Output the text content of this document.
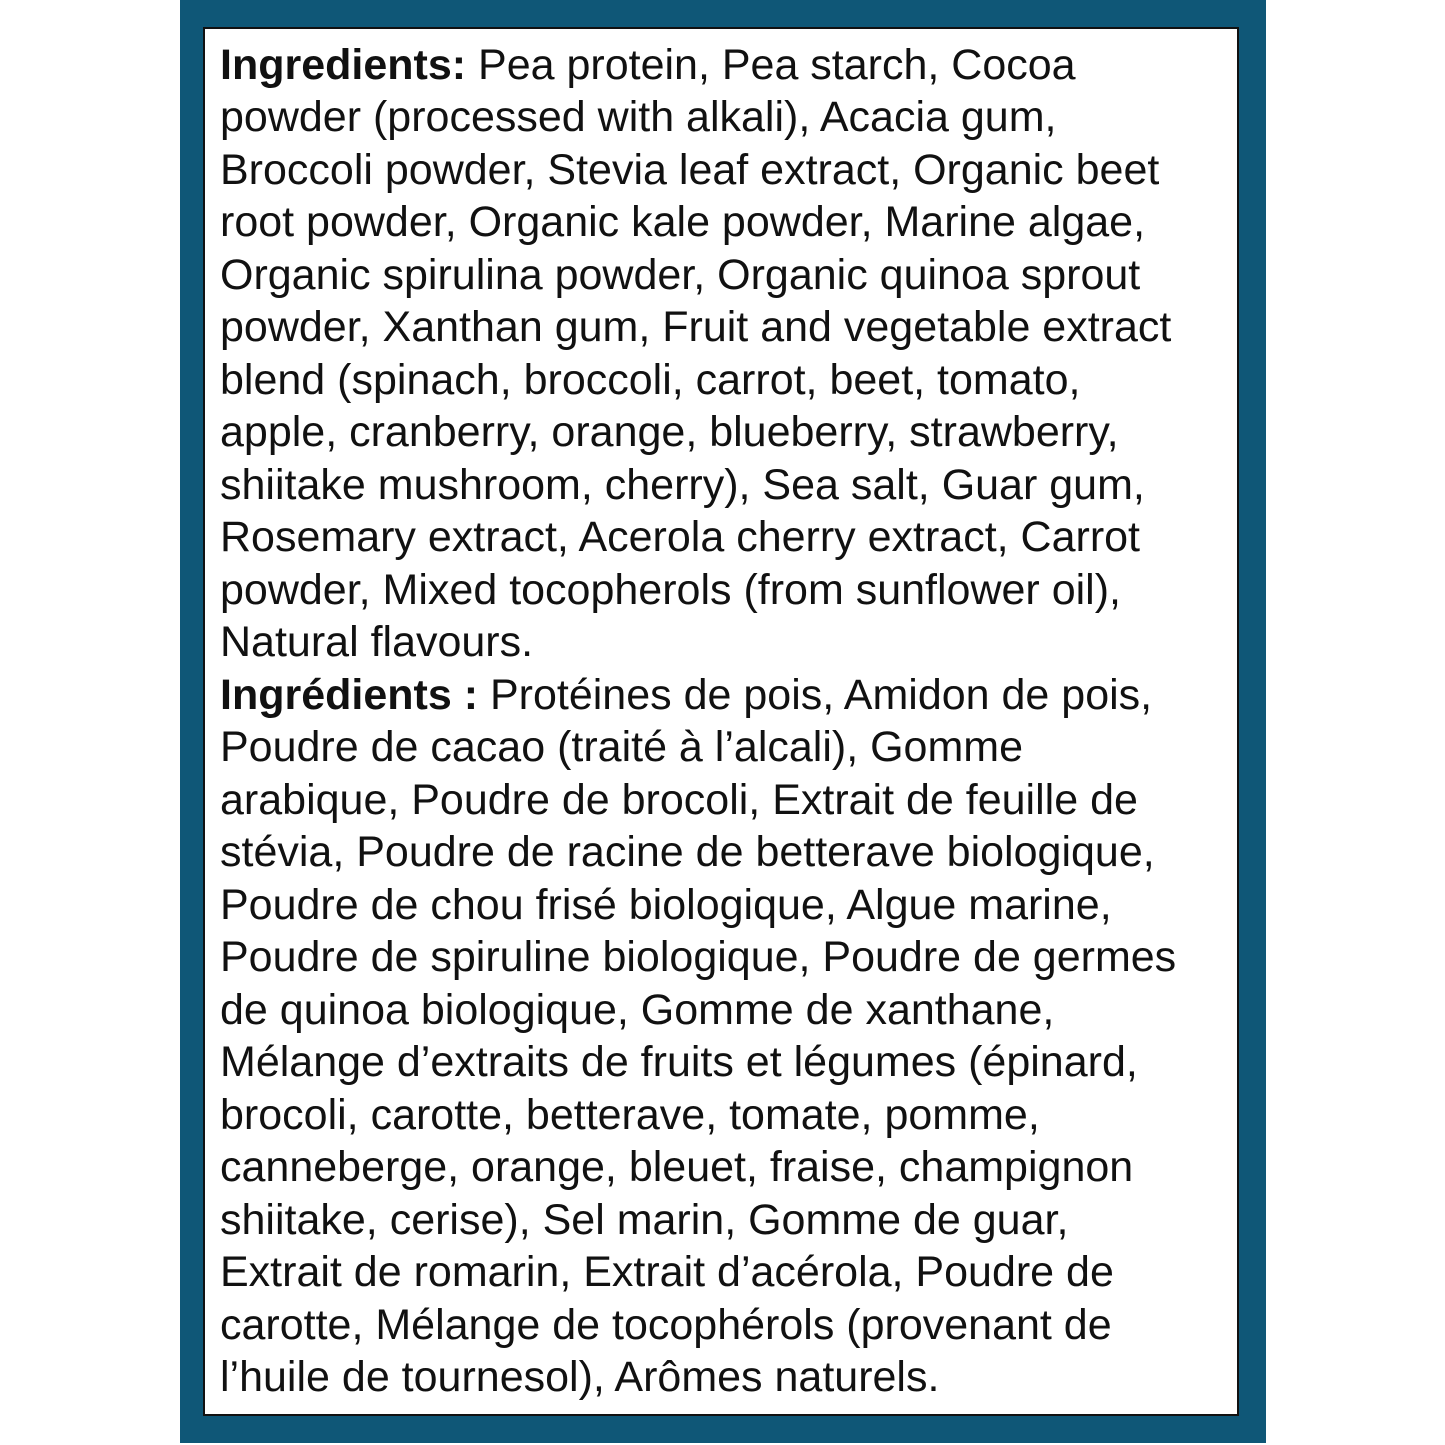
Ingredients: Pea protein, Pea starch, Cocoa
powder (processed with alkali), Acacia gum,
Broccoli powder, Stevia leaf extract, Organic beet
root powder, Organic kale powder, Marine algae,
Organic spirulina powder, Organic quinoa sprout
powder, Xanthan gum, Fruit and vegetable extract
blend (spinach, broccoli, carrot, beet, tomato,
apple, cranberry, orange, blueberry, strawberry,
shiitake mushroom, cherry), Sea salt, Guar gum,
Rosemary extract, Acerola cherry extract, Carrot
powder, Mixed tocopherols (from sunflower oil),
Natural flavours.
Ingrédients : Protéines de pois, Amidon de pois,
Poudre de cacao (traité à l’alcali), Gomme
arabique, Poudre de brocoli, Extrait de feuille de
stévia, Poudre de racine de betterave biologique,
Poudre de chou frisé biologique, Algue marine,
Poudre de spiruline biologique, Poudre de germes
de quinoa biologique, Gomme de xanthane,
Mélange d’extraits de fruits et légumes (épinard,
brocoli, carotte, betterave, tomate, pomme,
canneberge, orange, bleuet, fraise, champignon
shiitake, cerise), Sel marin, Gomme de guar,
Extrait de romarin, Extrait d’acérola, Poudre de
carotte, Mélange de tocophérols (provenant de
l’huile de tournesol), Arômes naturels.
